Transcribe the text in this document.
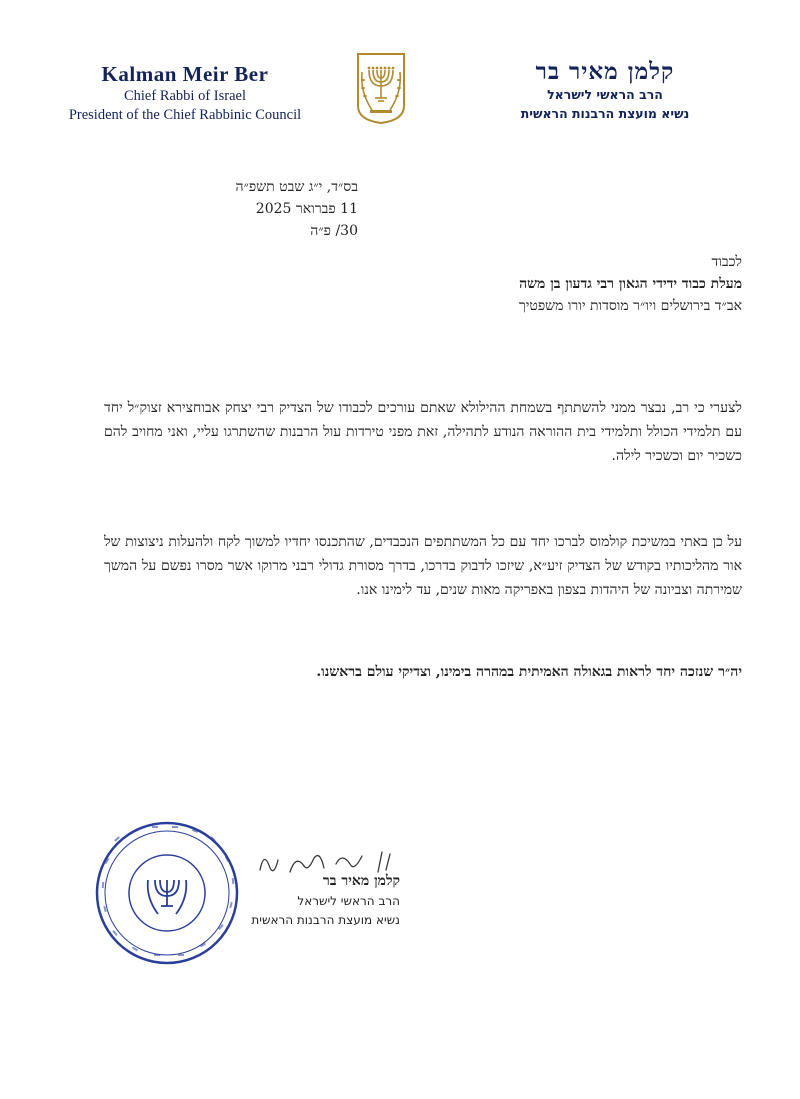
Kalman Meir Ber
Chief Rabbi of Israel
President of the Chief Rabbinic Council
קלמן מאיר בר
הרב הראשי לישראל
נשיא מועצת הרבנות הראשית
בס״ד, י״ג שבט תשפ״ה
11 פברואר 2025
30/ פ״ה
לכבוד
מעלת כבוד ידידי הגאון רבי גדעון בן משה
אב״ד בירושלים ויו״ר מוסדות יורו משפטיך
לצערי כי רב, נבצר ממני להשתתף בשמחת ההילולא שאתם עורכים לכבודו של הצדיק רבי יצחק אבוחצירא זצוק״ל יחד עם תלמידי הכולל ותלמידי בית ההוראה הנודע לתהילה, זאת מפני טירדות עול הרבנות שהשתרגו עליי, ואני מחויב להם כשכיר יום וכשכיר לילה.
על כן באתי במשיכת קולמוס לברכו יחד עם כל המשתתפים הנכבדים, שהתכנסו יחדיו למשוך לקח ולהעלות ניצוצות של אור מהליכותיו בקודש של הצדיק זיע״א, שיזכו לדבוק בדרכו, בדרך מסורת גדולי רבני מרוקו אשר מסרו נפשם על המשך שמירתה וצביונה של היהדות בצפון באפריקה מאות שנים, עד לימינו אנו.
יה״ר שנזכה יחד לראות בגאולה האמיתית במהרה בימינו, וצדיקי עולם בראשנו.
קלמן מאיר בר
הרב הראשי לישראל
נשיא מועצת הרבנות הראשית
